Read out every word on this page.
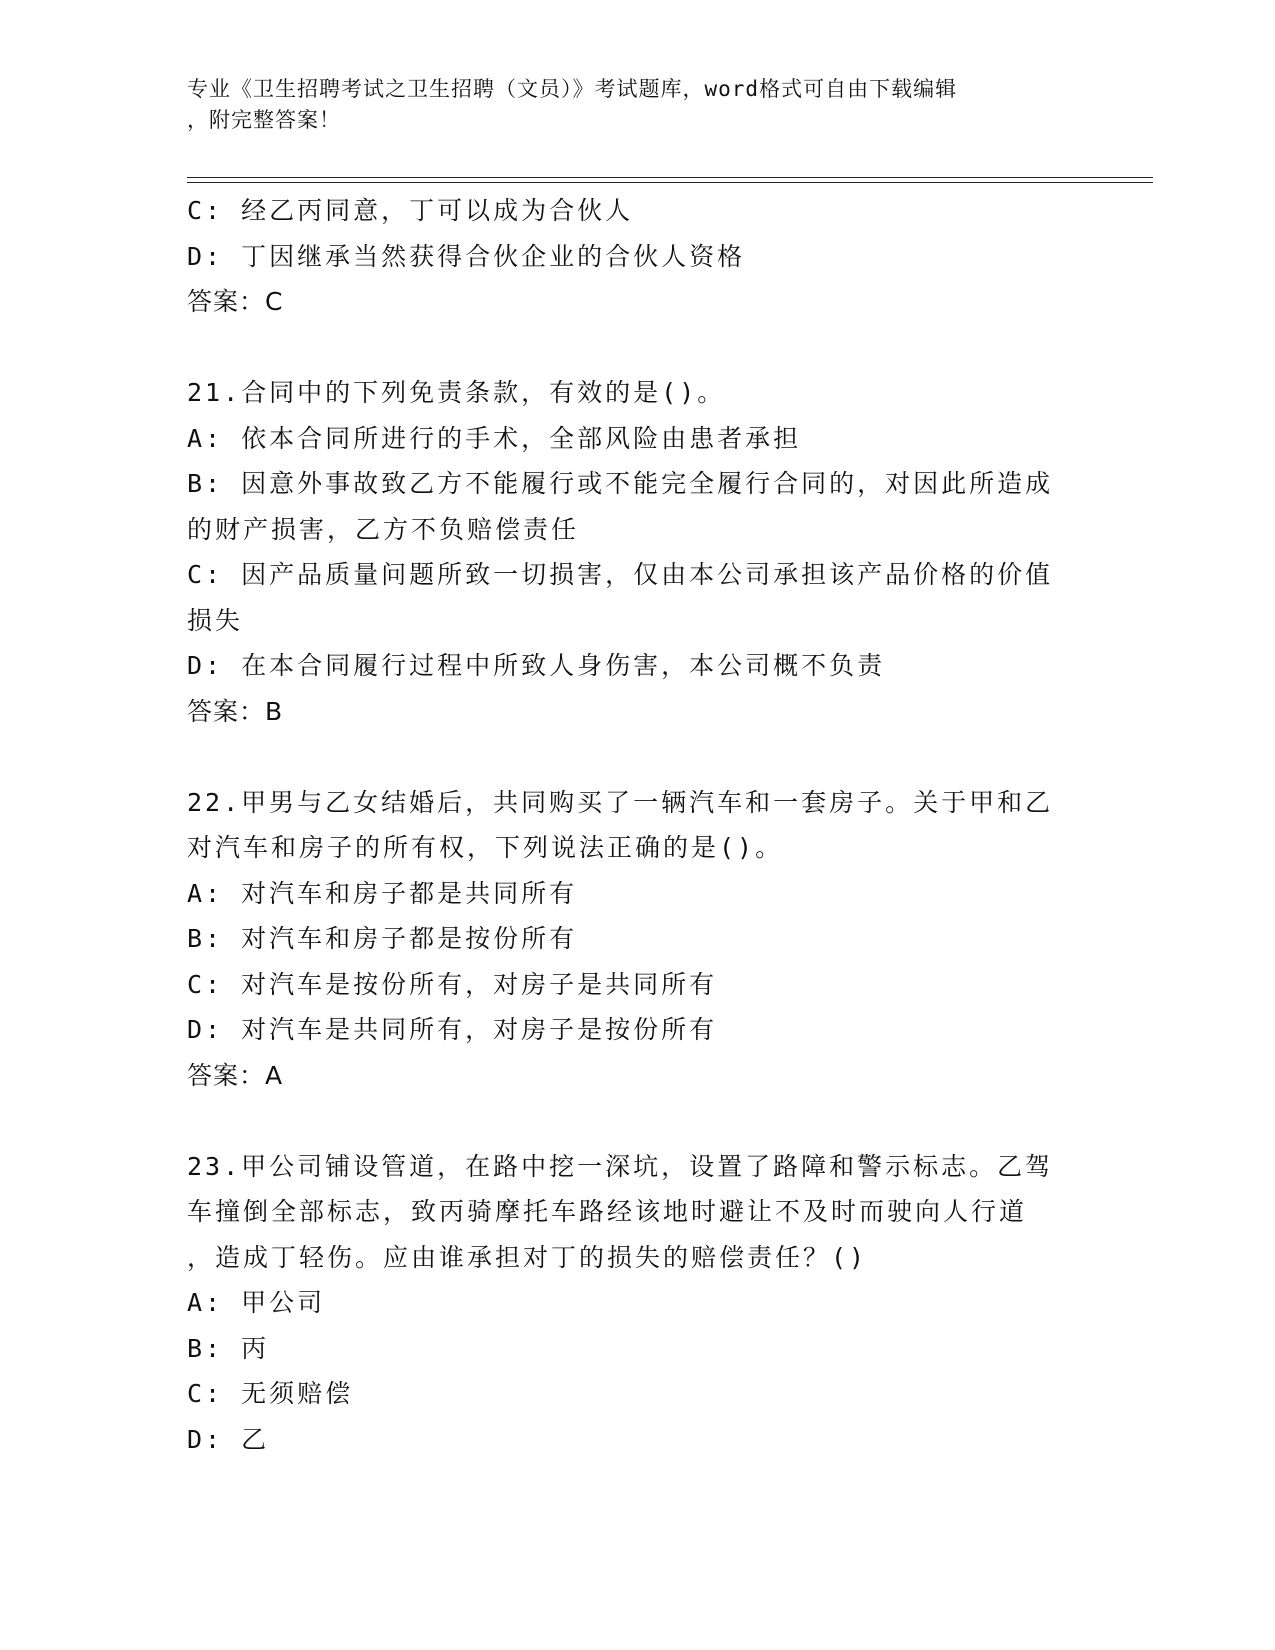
专业《卫生招聘考试之卫生招聘（文员）》考试题库，word格式可自由下载编辑
，附完整答案！
C: 经乙丙同意，丁可以成为合伙人
D: 丁因继承当然获得合伙企业的合伙人资格
答案：C
21.合同中的下列免责条款，有效的是()。
A: 依本合同所进行的手术，全部风险由患者承担
B: 因意外事故致乙方不能履行或不能完全履行合同的，对因此所造成
的财产损害，乙方不负赔偿责任
C: 因产品质量问题所致一切损害，仅由本公司承担该产品价格的价值
损失
D: 在本合同履行过程中所致人身伤害，本公司概不负责
答案：B
22.甲男与乙女结婚后，共同购买了一辆汽车和一套房子。关于甲和乙
对汽车和房子的所有权，下列说法正确的是()。
A: 对汽车和房子都是共同所有
B: 对汽车和房子都是按份所有
C: 对汽车是按份所有，对房子是共同所有
D: 对汽车是共同所有，对房子是按份所有
答案：A
23.甲公司铺设管道，在路中挖一深坑，设置了路障和警示标志。乙驾
车撞倒全部标志，致丙骑摩托车路经该地时避让不及时而驶向人行道
，造成丁轻伤。应由谁承担对丁的损失的赔偿责任？()
A: 甲公司
B: 丙
C: 无须赔偿
D: 乙
